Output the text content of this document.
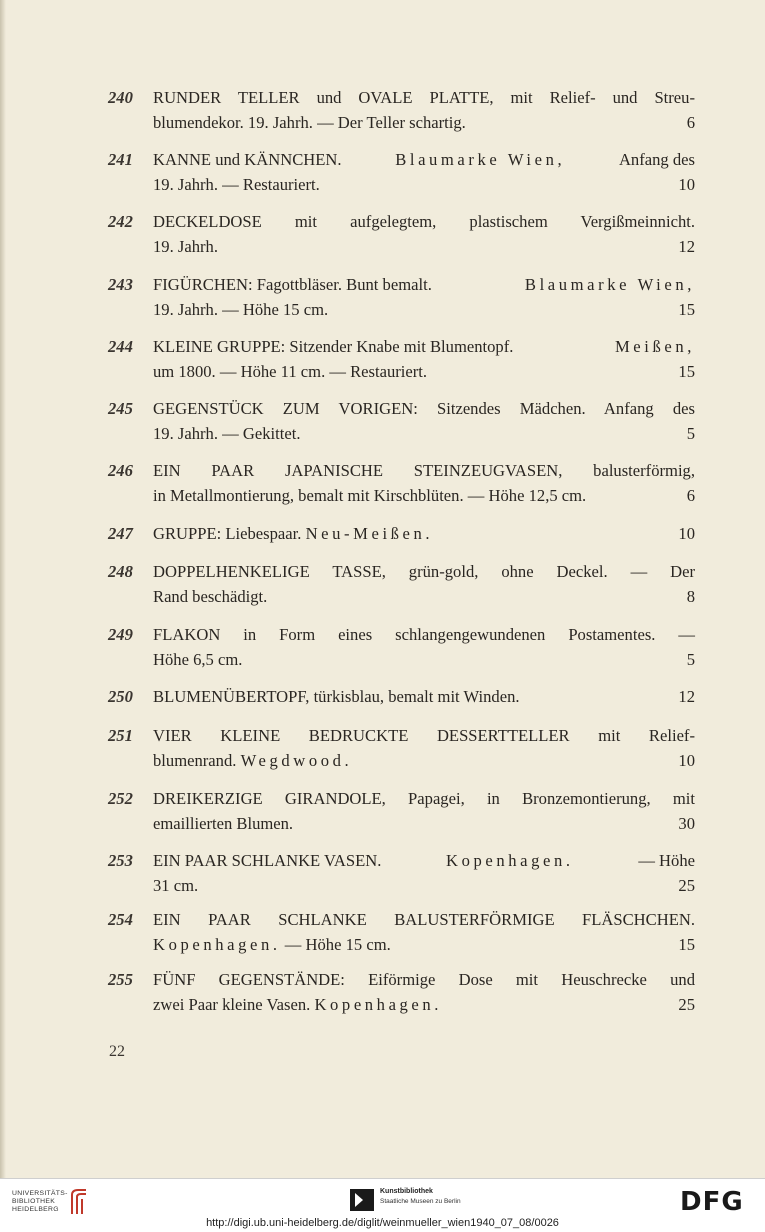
240 RUNDER TELLER und OVALE PLATTE, mit Relief- und Streu-
blumendekor. 19. Jahrh. — Der Teller schartig.	6
241 KANNE und KÄNNCHEN.	Blaumarke Wien,	Anfang des
19. Jahrh. — Restauriert.	10
242 DECKELDOSE mit aufgelegtem, plastischem Vergißmeinnicht.
19. Jahrh.	12
243 FIGÜRCHEN: Fagottbläser. Bunt bemalt.	Blaumarke Wien,
19. Jahrh. — Höhe 15 cm.	15
244 KLEINE GRUPPE: Sitzender Knabe mit Blumentopf.	Meißen,
um 1800. — Höhe 11 cm. — Restauriert.	15
245 GEGENSTÜCK ZUM VORIGEN: Sitzendes Mädchen. Anfang des
19. Jahrh. — Gekittet.	5
246 EIN PAAR JAPANISCHE STEINZEUGVASEN, balusterförmig,
in Metallmontierung, bemalt mit Kirschblüten. — Höhe 12,5 cm.	6
247 GRUPPE: Liebespaar. Neu-Meißen.	10
248 DOPPELHENKELIGE TASSE, grün-gold, ohne Deckel. — Der
Rand beschädigt.	8
249 FLAKON in Form eines schlangengewundenen Postamentes. —
Höhe 6,5 cm.	5
250 BLUMENÜBERTOPF, türkisblau, bemalt mit Winden.	12
251 VIER KLEINE BEDRUCKTE DESSERTTELLER mit Relief-
blumenrand. Wegdwood.	10
252 DREIKERZIGE GIRANDOLE, Papagei, in Bronzemontierung, mit
emaillierten Blumen.	30
253 EIN PAAR SCHLANKE VASEN.	Kopenhagen.	— Höhe
31 cm.	25
254 EIN PAAR SCHLANKE BALUSTERFÖRMIGE FLÄSCHCHEN.
Kopenhagen. — Höhe 15 cm.	15
255 FÜNF GEGENSTÄNDE: Eiförmige Dose mit Heuschrecke und
zwei Paar kleine Vasen. Kopenhagen.	25
22
UNIVERSITÄTS-
BIBLIOTHEK
HEIDELBERG
Kunstbibliothek
Staatliche Museen zu Berlin	DFG
http://digi.ub.uni-heidelberg.de/diglit/weinmueller_wien1940_07_08/0026
